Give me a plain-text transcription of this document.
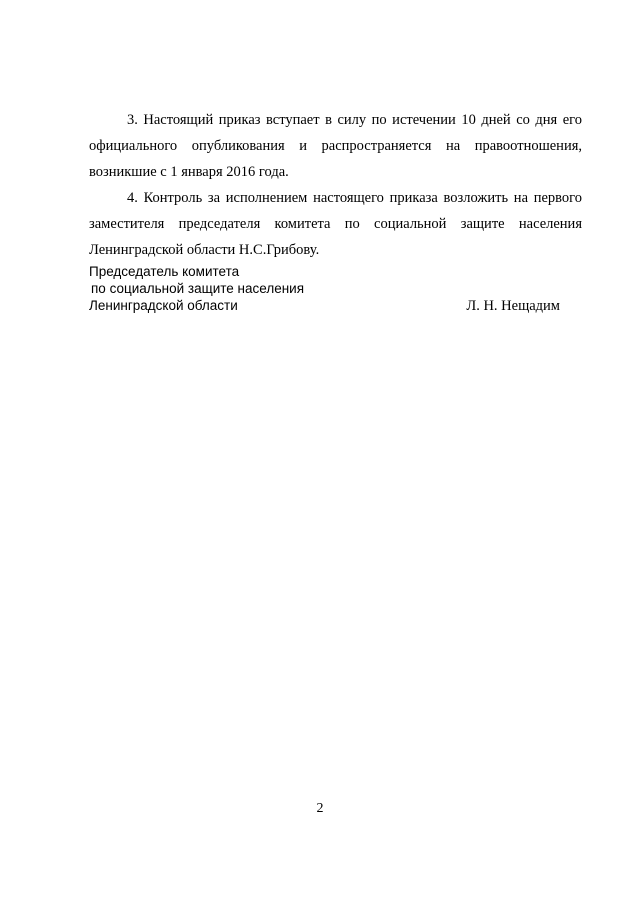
3. Настоящий приказ вступает в силу по истечении 10 дней со дня его официального опубликования и распространяется на правоотношения, возникшие с 1 января 2016 года.

4. Контроль за исполнением настоящего приказа возложить на первого заместителя председателя комитета по социальной защите населения Ленинградской области Н.С.Грибову.

Председатель комитета
по социальной защите населения
Ленинградской области	Л. Н. Нещадим
2
